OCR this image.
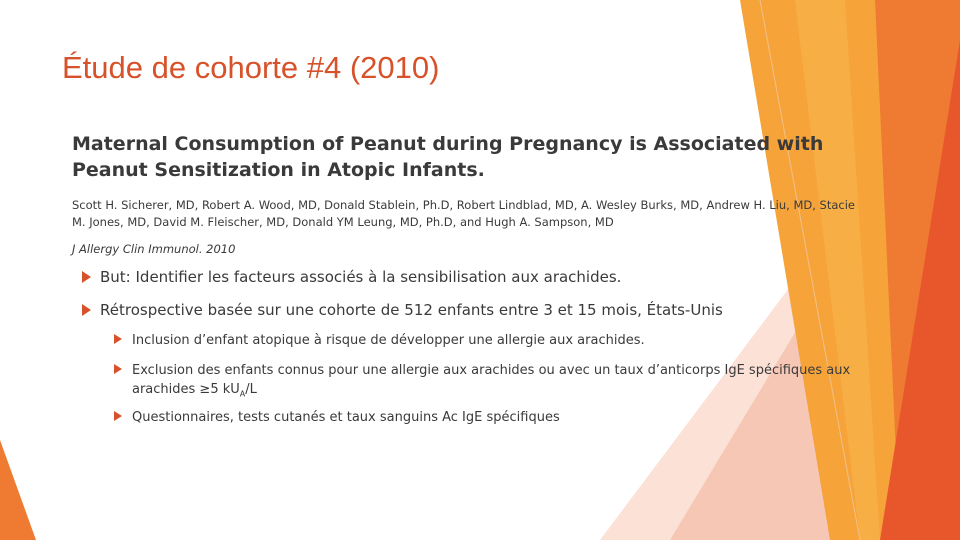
Étude de cohorte #4 (2010)
Maternal Consumption of Peanut during Pregnancy is Associated with Peanut Sensitization in Atopic Infants.
Scott H. Sicherer, MD, Robert A. Wood, MD, Donald Stablein, Ph.D, Robert Lindblad, MD, A. Wesley Burks, MD, Andrew H. Liu, MD, Stacie M. Jones, MD, David M. Fleischer, MD, Donald YM Leung, MD, Ph.D, and Hugh A. Sampson, MD
J Allergy Clin Immunol. 2010
But: Identifier les facteurs associés à la sensibilisation aux arachides.
Rétrospective basée sur une cohorte de 512 enfants entre 3 et 15 mois, États-Unis
Inclusion d’enfant atopique à risque de développer une allergie aux arachides.
Exclusion des enfants connus pour une allergie aux arachides ou avec un taux d’anticorps IgE spécifiques aux arachides ≥5 $kU_A/L$
Questionnaires, tests cutanés et taux sanguins Ac IgE spécifiques
